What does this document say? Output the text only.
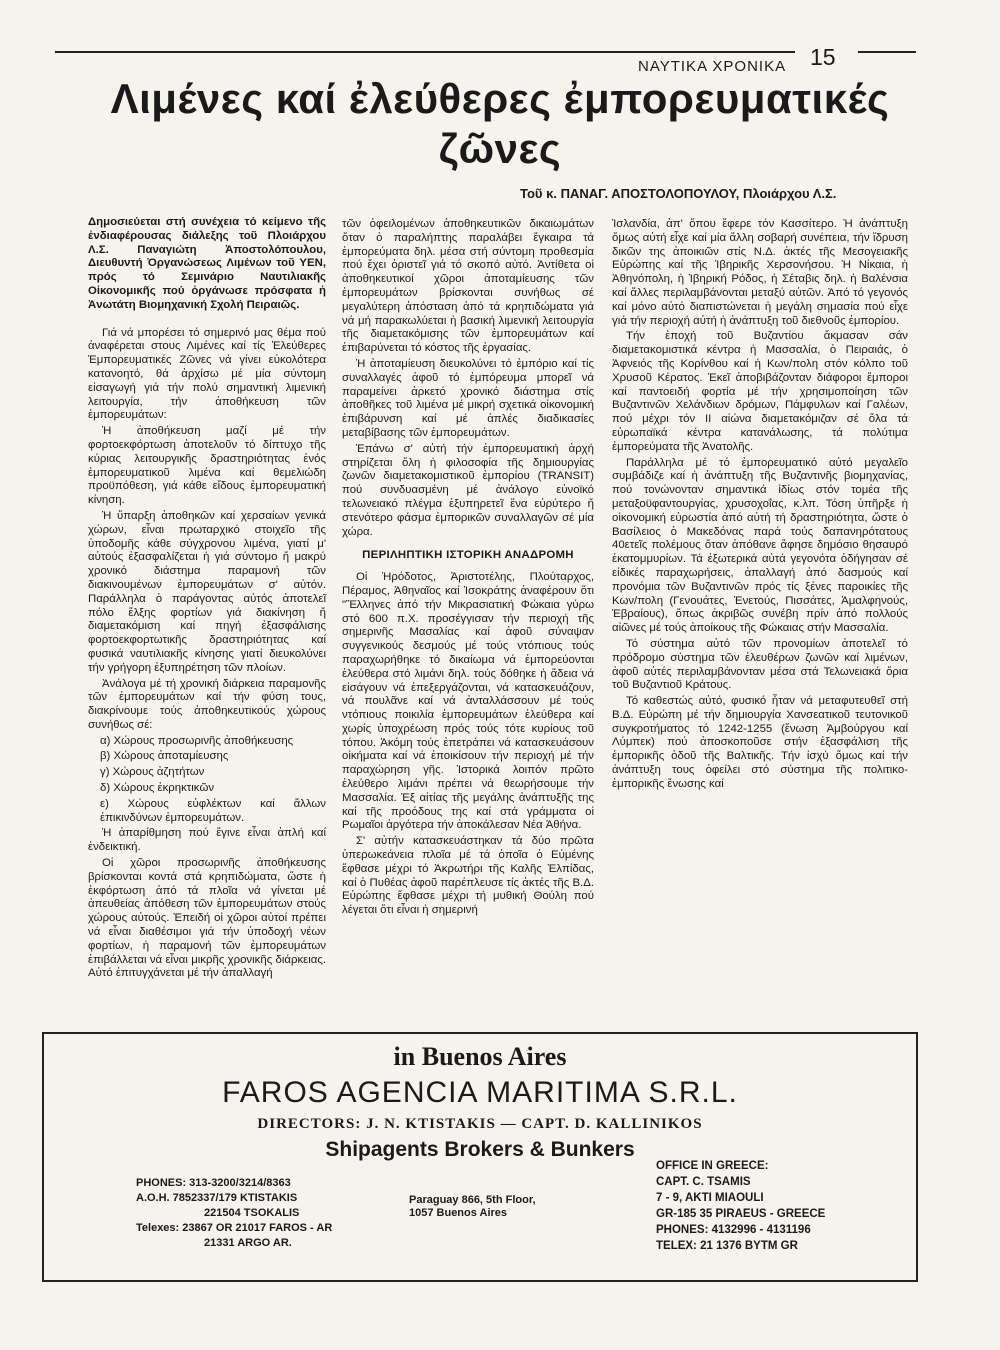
ΝΑΥΤΙΚΑ ΧΡΟΝΙΚΑ 15
Λιμένες καί ἐλεύθερες ἐμπορευματικές
ζῶνες
Τοῦ κ. ΠΑΝΑΓ. ΑΠΟΣΤΟΛΟΠΟΥΛΟΥ, Πλοιάρχου Λ.Σ.

Δημοσιεύεται στή συνέχεια τό κείμενο τῆς ἐνδιαφέρουσας διάλεξης τοῦ Πλοιάρχου Λ.Σ. Παναγιώτη Ἀποστολόπουλου, Διευθυντή Ὀργανώσεως Λιμένων τοῦ ΥΕΝ, πρός τό Σεμινάριο Ναυτιλιακῆς Οἰκονομικῆς πού ὀργάνωσε πρόσφατα ἡ Ἀνωτάτη Βιομηχανική Σχολή Πειραιῶς.

Γιά νά μπορέσει τό σημερινό μας θέμα πού ἀναφέρεται στους Λιμένες καί τίς Ἐλεύθερες Ἐμπορευματικές Ζῶνες νά γίνει εὐκολότερα κατανοητό, θά ἀρχίσω μέ μία σύντομη εἰσαγωγή γιά τήν πολύ σημαντική λιμενική λειτουργία, τήν ἀποθήκευση τῶν ἐμπορευμάτων:

Ἡ ἀποθήκευση μαζί μέ τήν φορτοεκφόρτωση ἀποτελοῦν τό δίπτυχο τῆς κύριας λειτουργικῆς δραστηριότητας ἑνός ἐμπορευματικοῦ λιμένα καί θεμελιώδη προϋπόθεση, γιά κάθε εἴδους ἐμπορευματική κίνηση.

Ἡ ὕπαρξη ἀποθηκῶν καί χερσαίων γενικά χώρων, εἶναι πρωταρχικό στοιχεῖο τῆς ὑποδομῆς κάθε σύγχρονου λιμένα, γιατί μ' αὐτούς ἐξασφαλίζεται ἡ γιά σύντομο ἤ μακρύ χρονικό διάστημα παραμονή τῶν διακινουμένων ἐμπορευμάτων σ' αὐτόν. Παράλληλα ὁ παράγοντας αὐτός ἀποτελεῖ πόλο ἕλξης φορτίων γιά διακίνηση ἤ διαμετακόμιση καί πηγή ἐξασφάλισης φορτοεκφορτωτικῆς δραστηριότητας καί φυσικά ναυτιλιακῆς κίνησης γιατί διευκολύνει τήν γρήγορη ἐξυπηρέτηση τῶν πλοίων.

Ἀνάλογα μέ τή χρονική διάρκεια παραμονῆς τῶν ἐμπορευμάτων καί τήν φύση τους, διακρίνουμε τούς ἀποθηκευτικούς χώρους συνήθως σέ:

α) Χώρους προσωρινῆς ἀποθήκευσης

β) Χώρους ἀποταμίευσης

γ) Χώρους ἀζητήτων

δ) Χώρους ἐκρηκτικῶν

ε) Χώρους εὐφλέκτων καί ἄλλων ἐπικινδύνων ἐμπορευμάτων.

Ἡ ἀπαρίθμηση πού ἔγινε εἶναι ἁπλή καί ἐνδεικτική.

Οἱ χῶροι προσωρινῆς ἀποθήκευσης βρίσκονται κοντά στά κρηπιδώματα, ὥστε ἡ ἐκφόρτωση ἀπό τά πλοῖα νά γίνεται μέ ἀπευθείας ἀπόθεση τῶν ἐμπορευμάτων στούς χώρους αὐτούς. Ἐπειδή οἱ χῶροι αὐτοί πρέπει νά εἶναι διαθέσιμοι γιά τήν ὑποδοχή νέων φορτίων, ἡ παραμονή τῶν ἐμπορευμάτων ἐπιβάλλεται νά εἶναι μικρῆς χρονικῆς διάρκειας. Αὐτό ἐπιτυγχάνεται μέ τήν ἀπαλλαγή

τῶν ὀφειλομένων ἀποθηκευτικῶν δικαιωμάτων ὅταν ὁ παραλήπτης παραλάβει ἔγκαιρα τά ἐμπορεύματα δηλ. μέσα στή σύντομη προθεσμία πού ἔχει ὁριστεῖ γιά τό σκοπό αὐτό. Ἀντίθετα οἱ ἀποθηκευτικοί χῶροι ἀποταμίευσης τῶν ἐμπορευμάτων βρίσκονται συνήθως σέ μεγαλύτερη ἀπόσταση ἀπό τά κρηπιδώματα γιά νά μή παρακωλύεται ἡ βασική λιμενική λειτουργία τῆς διαμετακόμισης τῶν ἐμπορευμάτων καί ἐπιβαρύνεται τό κόστος τῆς ἐργασίας.

Ἡ ἀποταμίευση διευκολύνει τό ἐμπόριο καί τίς συναλλαγές ἀφοῦ τό ἐμπόρευμα μπορεῖ νά παραμείνει ἀρκετό χρονικό διάστημα στίς ἀποθῆκες τοῦ λιμένα μέ μικρή σχετικά οἰκονομική ἐπιβάρυνση καί μέ ἁπλές διαδικασίες μεταβίβασης τῶν ἐμπορευμάτων.

Ἐπάνω σ' αὐτή τήν ἐμπορευματική ἀρχή στηρίζεται ὅλη ἡ φιλοσοφία τῆς δημιουργίας ζωνῶν διαμετακομιστικοῦ ἐμπορίου (TRANSIT) πού συνδυασμένη μέ ἀνάλογο εὐνοϊκό τελωνειακό πλέγμα ἐξυπηρετεῖ ἕνα εὐρύτερο ἤ στενότερο φάσμα ἐμπορικῶν συναλλαγῶν σέ μία χώρα.

ΠΕΡΙΛΗΠΤΙΚΗ ΙΣΤΟΡΙΚΗ ΑΝΑΔΡΟΜΗ

Οἱ Ἡρόδοτος, Ἀριστοτέλης, Πλούταρχος, Πέραμος, Ἀθηναῖος καί Ἰσοκράτης ἀναφέρουν ὅτι "Ἕλληνες ἀπό τήν Μικρασιατική Φώκαια γύρω στό 600 π.Χ. προσέγγισαν τήν περιοχή τῆς σημερινῆς Μασαλίας καί ἀφοῦ σύναψαν συγγενικούς δεσμούς μέ τούς ντόπιους τούς παραχωρήθηκε τό δικαίωμα νά ἐμπορεύονται ἐλεύθερα στό λιμάνι δηλ. τούς δόθηκε ἡ ἄδεια νά εἰσάγουν νά ἐπεξεργάζονται, νά κατασκευάζουν, νά πουλᾶνε καί νά ἀνταλλάσσουν μέ τούς ντόπιους ποικιλία ἐμπορευμάτων ἐλεύθερα καί χωρίς ὑποχρέωση πρός τούς τότε κυρίους τοῦ τόπου. Ἀκόμη τούς ἐπετράπει νά κατασκευάσουν οἰκήματα καί νά ἐποικίσουν τήν περιοχή μέ τήν παραχώρηση γῆς. Ἱστορικά λοιπόν πρῶτο ἐλεύθερο λιμάνι πρέπει νά θεωρήσουμε τήν Μασσαλία. Ἐξ αἰτίας τῆς μεγάλης ἀνάπτυξῆς της καί τῆς προόδους της καί στά γράμματα οἱ Ρωμαῖοι ἀργότερα τήν ἀποκάλεσαν Νέα Ἀθήνα.

Σ' αὐτήν κατασκευάστηκαν τά δύο πρῶτα ὑπερωκεάνεια πλοῖα μέ τά ὁποῖα ὁ Εὐμένης ἔφθασε μέχρι τό Ἀκρωτήρι τῆς Καλῆς Ἐλπίδας, καί ὁ Πυθέας ἀφοῦ παρέπλευσε τίς ἀκτές τῆς Β.Δ. Εὐρώπης ἔφθασε μέχρι τή μυθική Θούλη πού λέγεται ὅτι εἶναι ἡ σημερινή

Ἰσλανδία, ἀπ' ὅπου ἔφερε τόν Κασσίτερο. Ἡ ἀνάπτυξη ὅμως αὐτή εἶχε καί μία ἄλλη σοβαρή συνέπεια, τήν ἵδρυση δικῶν της ἀποικιῶν στίς Ν.Δ. ἀκτές τῆς Μεσογειακῆς Εὐρώπης καί τῆς Ἰβηρικῆς Χερσονήσου. Ἡ Νίκαια, ἡ Ἀθηνόπολη, ἡ Ἰβηρική Ρόδος, ἡ Σέταβις δηλ. ἡ Βαλένσια καί ἄλλες περιλαμβάνονται μεταξύ αὐτῶν. Ἀπό τό γεγονός καί μόνο αὐτό διαπιστώνεται ἡ μεγάλη σημασία πού εἶχε γιά τήν περιοχή αὐτή ἡ ἀνάπτυξη τοῦ διεθνοῦς ἐμπορίου.

Τήν ἐποχή τοῦ Βυζαντίου ἄκμασαν σάν διαμετακομιστικά κέντρα ἡ Μασσαλία, ὁ Πειραιάς, ὁ Ἀφνειός τῆς Κορίνθου καί ἡ Κων/πολη στόν κόλπο τοῦ Χρυσοῦ Κέρατος. Ἐκεῖ ἀποβιβάζονταν διάφοροι ἔμποροι καί παντοειδή φορτία μέ τήν χρησιμοποίηση τῶν Βυζαντινῶν Χελάνδιων δρόμων, Πάμφυλων καί Γαλέων, πού μέχρι τόν ΙΙ αἰώνα διαμετακόμιζαν σέ ὅλα τά εὐρωπαϊκά κέντρα κατανάλωσης, τά πολύτιμα ἐμπορεύματα τῆς Ἀνατολῆς.

Παράλληλα μέ τό ἐμπορευματικό αὐτό μεγαλεῖο συμβάδιζε καί ἡ ἀνάπτυξη τῆς Βυζαντινῆς βιομηχανίας, πού τονώνονταν σημαντικά ἰδίως στόν τομέα τῆς μεταξοϋφαντουργίας, χρυσοχοΐας, κ.λπ. Τόση ὑπῆρξε ἡ οἰκονομική εὐρωστία ἀπό αὐτή τή δραστηριότητα, ὥστε ὁ Βασίλειος ὁ Μακεδόνας παρά τούς δαπανηρότατους 40ετεῖς πολέμους ὅταν ἀπόθανε ἄφησε δημόσιο θησαυρό ἑκατομμυρίων. Τά ἐξωτερικά αὐτά γεγονότα ὁδήγησαν σέ εἰδικές παραχωρήσεις, ἀπαλλαγή ἀπό δασμούς καί προνόμια τῶν Βυζαντινῶν πρός τίς ξένες παροικίες τῆς Κων/πολη (Γενουάτες, Ἐνετούς, Πισσάτες, Ἀμαλφηνούς, Ἑβραίους), ὅπως ἀκριβῶς συνέβη πρίν ἀπό πολλούς αἰῶνες μέ τούς ἀποίκους τῆς Φώκαιας στήν Μασσαλία.

Τό σύστημα αὐτό τῶν προνομίων ἀποτελεῖ τό πρόδρομο σύστημα τῶν ἐλευθέρων ζωνῶν καί λιμένων, ἀφοῦ αὐτές περιλαμβάνονταν μέσα στά Τελωνειακά ὅρια τοῦ Βυζαντιοῦ Κράτους.

Τό καθεστώς αὐτό, φυσικό ἦταν νά μεταφυτευθεῖ στή Β.Δ. Εὐρώπη μέ τήν δημιουργία Χανσεατικοῦ τευτονικοῦ συγκροτήματος τό 1242-1255 (ἕνωση Ἀμβούργου καί Λύμπεκ) πού ἀποσκοποῦσε στήν ἐξασφάλιση τῆς ἐμπορικῆς ὁδοῦ τῆς Βαλτικῆς. Τήν ἰσχύ ὅμως καί τήν ἀνάπτυξη τους ὀφείλει στό σύστημα τῆς πολιτικο-ἐμπορικῆς ἕνωσης καί

in Buenos Aires
FAROS AGENCIA MARITIMA S.R.L.
DIRECTORS: J. N. KTISTAKIS — CAPT. D. KALLINIKOS
Shipagents Brokers & Bunkers
PHONES: 313-3200/3214/8363
A.O.H. 7852337/179 KTISTAKIS
221504 TSOKALIS
Telexes: 23867 OR 21017 FAROS - AR
21331 ARGO AR.
Paraguay 866, 5th Floor,
1057 Buenos Aires
OFFICE IN GREECE:
CAPT. C. TSAMIS
7 - 9, AKTI MIAOULI
GR-185 35 PIRAEUS - GREECE
PHONES: 4132996 - 4131196
TELEX: 21 1376 BYTM GR
